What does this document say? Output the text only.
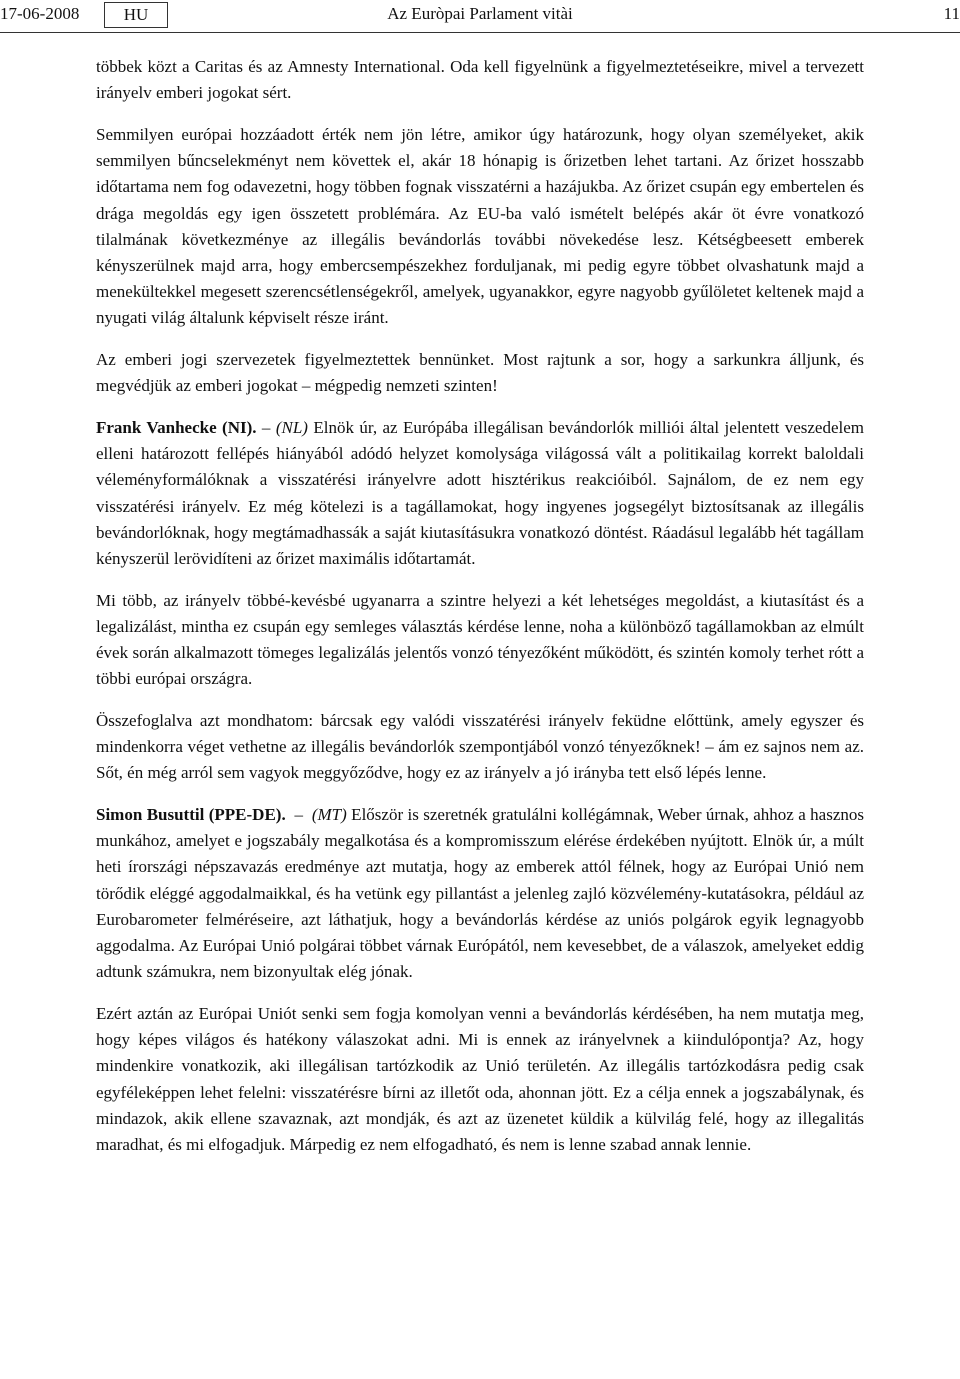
17-06-2008	HU	Az Euròpai Parlament vitài	11

többek közt a Caritas és az Amnesty International. Oda kell figyelnünk a figyelmeztetéseikre, mivel a tervezett irányelv emberi jogokat sért.

Semmilyen európai hozzáadott érték nem jön létre, amikor úgy határozunk, hogy olyan személyeket, akik semmilyen bűncselekményt nem követtek el, akár 18 hónapig is őrizetben lehet tartani. Az őrizet hosszabb időtartama nem fog odavezetni, hogy többen fognak visszatérni a hazájukba. Az őrizet csupán egy embertelen és drága megoldás egy igen összetett problémára. Az EU-ba való ismételt belépés akár öt évre vonatkozó tilalmának következménye az illegális bevándorlás további növekedése lesz. Kétségbeesett emberek kényszerülnek majd arra, hogy embercsempészekhez forduljanak, mi pedig egyre többet olvashatunk majd a menekültekkel megesett szerencsétlenségekről, amelyek, ugyanakkor, egyre nagyobb gyűlöletet keltenek majd a nyugati világ általunk képviselt része iránt.

Az emberi jogi szervezetek figyelmeztettek bennünket. Most rajtunk a sor, hogy a sarkunkra álljunk, és megvédjük az emberi jogokat – mégpedig nemzeti szinten!

Frank Vanhecke (NI). – (NL) Elnök úr, az Európába illegálisan bevándorlók milliói által jelentett veszedelem elleni határozott fellépés hiányából adódó helyzet komolysága világossá vált a politikailag korrekt baloldali véleményformálóknak a visszatérési irányelvre adott hisztérikus reakcióiból. Sajnálom, de ez nem egy visszatérési irányelv. Ez még kötelezi is a tagállamokat, hogy ingyenes jogsegélyt biztosítsanak az illegális bevándorlóknak, hogy megtámadhassák a saját kiutasításukra vonatkozó döntést. Ráadásul legalább hét tagállam kényszerül lerövidíteni az őrizet maximális időtartamát.

Mi több, az irányelv többé-kevésbé ugyanarra a szintre helyezi a két lehetséges megoldást, a kiutasítást és a legalizálást, mintha ez csupán egy semleges választás kérdése lenne, noha a különböző tagállamokban az elmúlt évek során alkalmazott tömeges legalizálás jelentős vonzó tényezőként működött, és szintén komoly terhet rótt a többi európai országra.

Összefoglalva azt mondhatom: bárcsak egy valódi visszatérési irányelv feküdne előttünk, amely egyszer és mindenkorra véget vethetne az illegális bevándorlók szempontjából vonzó tényezőknek! – ám ez sajnos nem az. Sőt, én még arról sem vagyok meggyőződve, hogy ez az irányelv a jó irányba tett első lépés lenne.

Simon Busuttil (PPE-DE).  –  (MT) Először is szeretnék gratulálni kollégámnak, Weber úrnak, ahhoz a hasznos munkához, amelyet e jogszabály megalkotása és a kompromisszum elérése érdekében nyújtott. Elnök úr, a múlt heti írországi népszavazás eredménye azt mutatja, hogy az emberek attól félnek, hogy az Európai Unió nem törődik eléggé aggodalmaikkal, és ha vetünk egy pillantást a jelenleg zajló közvélemény-kutatásokra, például az Eurobarometer felméréseire, azt láthatjuk, hogy a bevándorlás kérdése az uniós polgárok egyik legnagyobb aggodalma. Az Európai Unió polgárai többet várnak Európától, nem kevesebbet, de a válaszok, amelyeket eddig adtunk számukra, nem bizonyultak elég jónak.

Ezért aztán az Európai Uniót senki sem fogja komolyan venni a bevándorlás kérdésében, ha nem mutatja meg, hogy képes világos és hatékony válaszokat adni. Mi is ennek az irányelvnek a kiindulópontja? Az, hogy mindenkire vonatkozik, aki illegálisan tartózkodik az Unió területén. Az illegális tartózkodásra pedig csak egyféleképpen lehet felelni: visszatérésre bírni az illetőt oda, ahonnan jött. Ez a célja ennek a jogszabálynak, és mindazok, akik ellene szavaznak, azt mondják, és azt az üzenetet küldik a külvilág felé, hogy az illegalitás maradhat, és mi elfogadjuk. Márpedig ez nem elfogadható, és nem is lenne szabad annak lennie.
